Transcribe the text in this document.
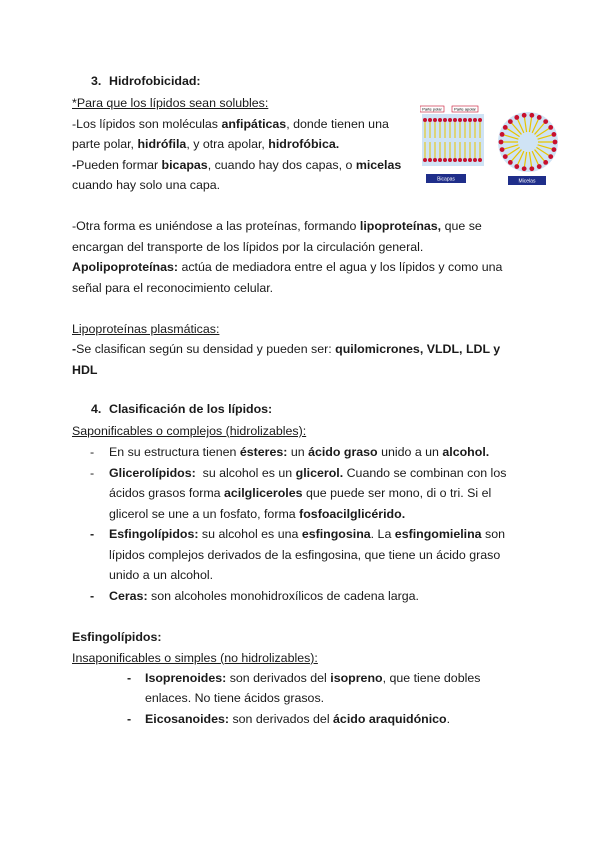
3. Hidrofobicidad:
*Para que los lípidos sean solubles:
-Los lípidos son moléculas anfipáticas, donde tienen una
parte polar, hidrófila, y otra apolar, hidrofóbica.
-Pueden formar bicapas, cuando hay dos capas, o micelas
cuando hay solo una capa.
-Otra forma es uniéndose a las proteínas, formando lipoproteínas, que se
encargan del transporte de los lípidos por la circulación general.
Apolipoproteínas: actúa de mediadora entre el agua y los lípidos y como una
señal para el reconocimiento celular.
Lipoproteínas plasmáticas:
-Se clasifican según su densidad y pueden ser: quilomicrones, VLDL, LDL y
HDL
Parte polar	Parte apolar
Bicapas	Micelas
4. Clasificación de los lípidos:
Saponificables o complejos (hidrolizables):
- En su estructura tienen ésteres: un ácido graso unido a un alcohol.
- Glicerolípidos:  su alcohol es un glicerol. Cuando se combinan con los
ácidos grasos forma acilgliceroles que puede ser mono, di o tri. Si el
glicerol se une a un fosfato, forma fosfoacilglicérido.
- Esfingolípidos: su alcohol es una esfingosina. La esfingomielina son
lípidos complejos derivados de la esfingosina, que tiene un ácido graso
unido a un alcohol.
- Ceras: son alcoholes monohidroxílicos de cadena larga.
Esfingolípidos:
Insaponificables o simples (no hidrolizables):
- Isoprenoides: son derivados del isopreno, que tiene dobles
enlaces. No tiene ácidos grasos.
- Eicosanoides: son derivados del ácido araquidónico.
